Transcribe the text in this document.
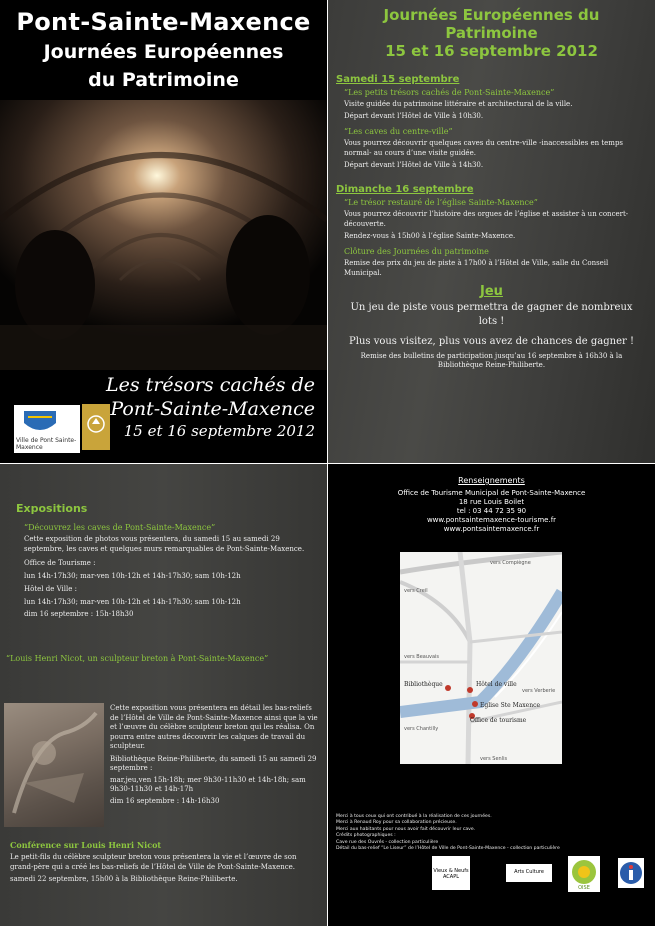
Pont-Sainte-Maxence
Journées Européennes
du Patrimoine
Les trésors cachés de
Pont-Sainte-Maxence
15 et 16 septembre 2012
Ville de Pont Sainte-Maxence
Journées Européennes du
Patrimoine
15 et 16 septembre 2012
Samedi 15 septembre
“Les petits trésors cachés de Pont-Sainte-Maxence”
Visite guidée du patrimoine littéraire et architectural de la ville.
Départ devant l’Hôtel de Ville à 10h30.
“Les caves du centre-ville”
Vous pourrez découvrir quelques caves du centre-ville -inaccessibles en temps normal- au cours d’une visite guidée.
Départ devant l’Hôtel de Ville à 14h30.
Dimanche 16 septembre
“Le trésor restauré de l’église Sainte-Maxence”
Vous pourrez découvrir l’histoire des orgues de l’église et assister à un concert-découverte.
Rendez-vous à 15h00 à l’église Sainte-Maxence.
Clôture des Journées du patrimoine
Remise des prix du jeu de piste à 17h00 à l’Hôtel de Ville, salle du Conseil Municipal.
Jeu
Un jeu de piste vous permettra de gagner de nombreux lots !
Plus vous visitez, plus vous avez de chances de gagner !
Remise des bulletins de participation jusqu’au 16 septembre à 16h30 à la Bibliothèque Reine-Philiberte.
Expositions
“Découvrez les caves de Pont-Sainte-Maxence”
Cette exposition de photos vous présentera, du samedi 15 au samedi 29 septembre, les caves et quelques murs remarquables de Pont-Sainte-Maxence.
Office de Tourisme :
lun 14h-17h30; mar-ven 10h-12h et 14h-17h30; sam 10h-12h
Hôtel de Ville :
lun 14h-17h30; mar-ven 10h-12h et 14h-17h30; sam 10h-12h
dim 16 septembre : 15h-18h30
“Louis Henri Nicot, un sculpteur breton à Pont-Sainte-Maxence”
Cette exposition vous présentera en détail les bas-reliefs de l’Hôtel de Ville de Pont-Sainte-Maxence ainsi que la vie et l’œuvre du célèbre sculpteur breton qui les réalisa. On pourra entre autres découvrir les calques de travail du sculpteur.
Bibliothèque Reine-Philiberte, du samedi 15 au samedi 29 septembre :
mar,jeu,ven 15h-18h; mer 9h30-11h30 et 14h-18h; sam 9h30-11h30 et 14h-17h
dim 16 septembre : 14h-16h30
Conférence sur Louis Henri Nicot
Le petit-fils du célèbre sculpteur breton vous présentera la vie et l’œuvre de son grand-père qui a créé les bas-reliefs de l’Hôtel de Ville de Pont-Sainte-Maxence.
samedi 22 septembre, 15h00 à la Bibliothèque Reine-Philiberte.
Renseignements
Office de Tourisme Municipal de Pont-Sainte-Maxence
18 rue Louis Boilet
tel : 03 44 72 35 90
www.pontsaintemaxence-tourisme.fr
www.pontsaintemaxence.fr
vers Compiègne
vers Creil
vers Beauvais
vers Verberie
Bibliothèque	Hôtel de ville
Eglise Ste Maxence
Office de tourisme
vers Chantilly
vers Senlis
Merci à tous ceux qui ont contribué à la réalisation de ces journées.
Merci à Renaud Roy pour sa collaboration précieuse.
Merci aux habitants pour nous avoir fait découvrir leur cave.
Crédits photographiques :
Cave rue des Ouvrés - collection particulière
Détail du bas-relief “Le Liseur” de l’Hôtel de Ville de Pont-Sainte-Maxence - collection particulière
Vieux & Neufs ACAPL
Arts Culture
OISE
